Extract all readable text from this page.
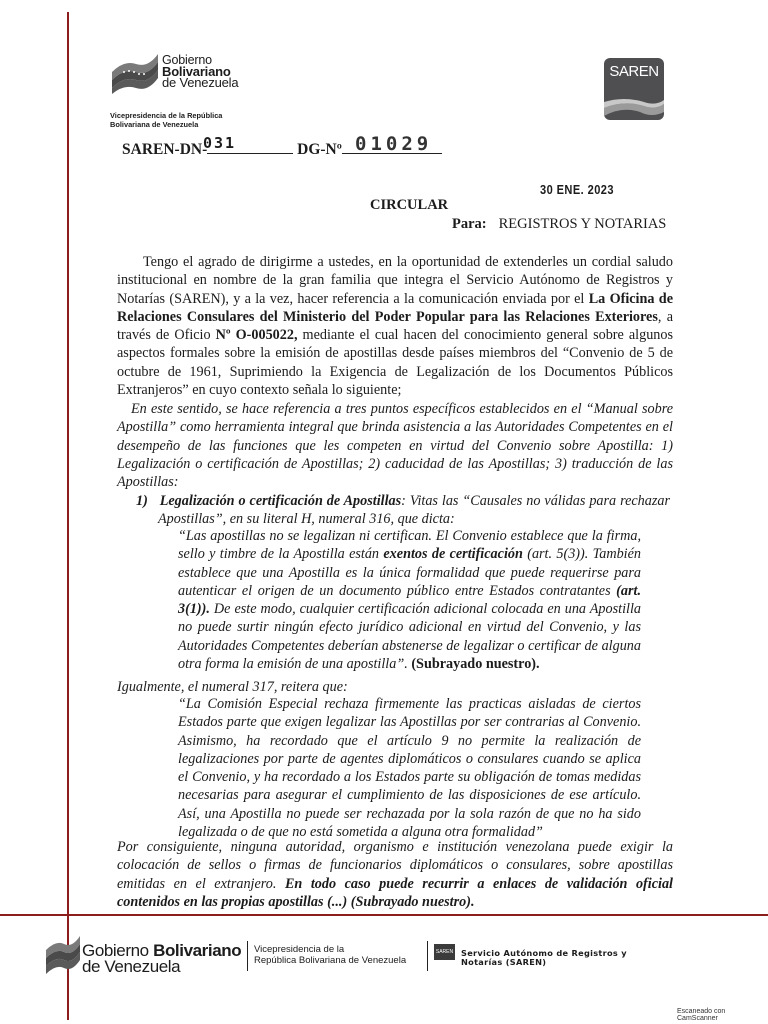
Gobierno
Bolivariano
de Venezuela
Vicepresidencia de la República
Bolivariana de Venezuela
SAREN
SAREN-DN-	DG-Nº
031	01029
30 ENE. 2023
CIRCULAR
Para: REGISTROS Y NOTARIAS
Tengo el agrado de dirigirme a ustedes, en la oportunidad de extenderles un cordial saludo institucional en nombre de la gran familia que integra el Servicio Autónomo de Registros y Notarías (SAREN), y a la vez, hacer referencia a la comunicación enviada por el La Oficina de Relaciones Consulares del Ministerio del Poder Popular para las Relaciones Exteriores, a través de Oficio Nº O-005022, mediante el cual hacen del conocimiento general sobre algunos aspectos formales sobre la emisión de apostillas desde países miembros del “Convenio de 5 de octubre de 1961, Suprimiendo la Exigencia de Legalización de los Documentos Públicos Extranjeros” en cuyo contexto señala lo siguiente;
En este sentido, se hace referencia a tres puntos específicos establecidos en el “Manual sobre Apostilla” como herramienta integral que brinda asistencia a las Autoridades Competentes en el desempeño de las funciones que les competen en virtud del Convenio sobre Apostilla: 1) Legalización o certificación de Apostillas; 2) caducidad de las Apostillas; 3) traducción de las Apostillas:
1) Legalización o certificación de Apostillas: Vitas las “Causales no válidas para rechazar Apostillas”, en su literal H, numeral 316, que dicta:
“Las apostillas no se legalizan ni certifican. El Convenio establece que la firma, sello y timbre de la Apostilla están exentos de certificación (art. 5(3)). También establece que una Apostilla es la única formalidad que puede requerirse para autenticar el origen de un documento público entre Estados contratantes (art. 3(1)). De este modo, cualquier certificación adicional colocada en una Apostilla no puede surtir ningún efecto jurídico adicional en virtud del Convenio, y las Autoridades Competentes deberían abstenerse de legalizar o certificar de alguna otra forma la emisión de una apostilla”. (Subrayado nuestro).
Igualmente, el numeral 317, reitera que:
“La Comisión Especial rechaza firmemente las practicas aisladas de ciertos Estados parte que exigen legalizar las Apostillas por ser contrarias al Convenio. Asimismo, ha recordado que el artículo 9 no permite la realización de legalizaciones por parte de agentes diplomáticos o consulares cuando se aplica el Convenio, y ha recordado a los Estados parte su obligación de tomas medidas necesarias para asegurar el cumplimiento de las disposiciones de ese artículo. Así, una Apostilla no puede ser rechazada por la sola razón de que no ha sido legalizada o de que no está sometida a alguna otra formalidad”
Por consiguiente, ninguna autoridad, organismo e institución venezolana puede exigir la colocación de sellos o firmas de funcionarios diplomáticos o consulares, sobre apostillas emitidas en el extranjero. En todo caso puede recurrir a enlaces de validación oficial contenidos en las propias apostillas (...) (Subrayado nuestro).
Gobierno Bolivariano
de Venezuela
Vicepresidencia de la
República Bolivariana de Venezuela
SAREN Servicio Autónomo de Registros y
Notarías (SAREN)
Escaneado con CamScanner
